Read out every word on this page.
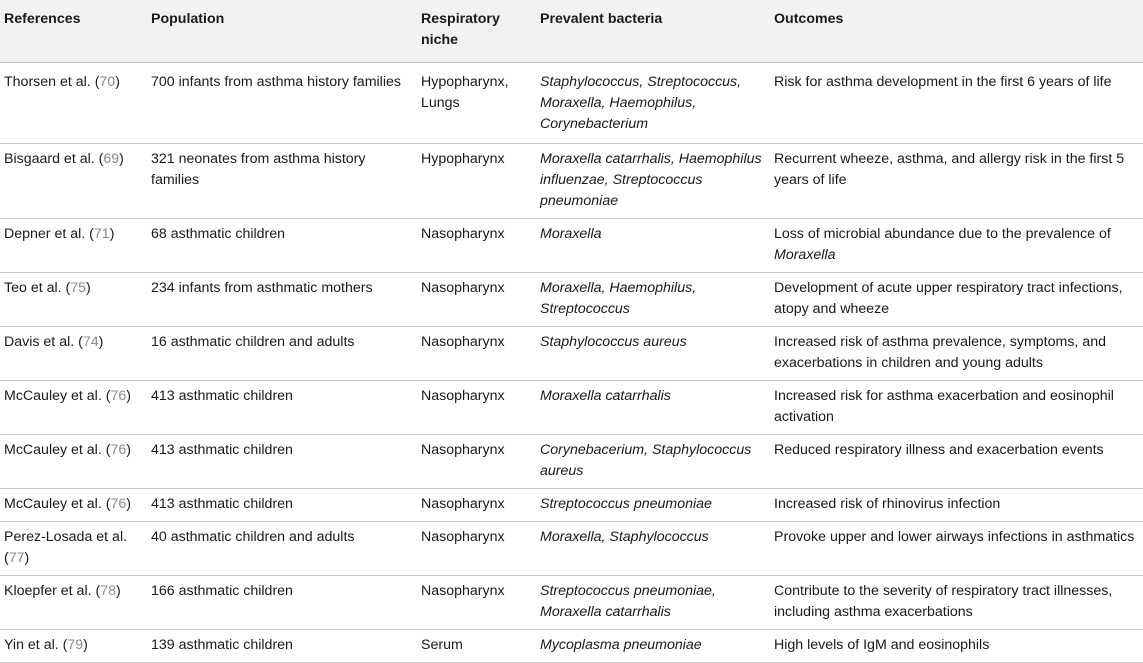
References	Population	Respiratory niche	Prevalent bacteria	Outcomes
Thorsen et al. (70)	700 infants from asthma history families	Hypopharynx, Lungs	Staphylococcus, Streptococcus, Moraxella, Haemophilus, Corynebacterium	Risk for asthma development in the first 6 years of life
Bisgaard et al. (69)	321 neonates from asthma history families	Hypopharynx	Moraxella catarrhalis, Haemophilus influenzae, Streptococcus pneumoniae	Recurrent wheeze, asthma, and allergy risk in the first 5 years of life
Depner et al. (71)	68 asthmatic children	Nasopharynx	Moraxella	Loss of microbial abundance due to the prevalence of Moraxella
Teo et al. (75)	234 infants from asthmatic mothers	Nasopharynx	Moraxella, Haemophilus, Streptococcus	Development of acute upper respiratory tract infections, atopy and wheeze
Davis et al. (74)	16 asthmatic children and adults	Nasopharynx	Staphylococcus aureus	Increased risk of asthma prevalence, symptoms, and exacerbations in children and young adults
McCauley et al. (76)	413 asthmatic children	Nasopharynx	Moraxella catarrhalis	Increased risk for asthma exacerbation and eosinophil activation
McCauley et al. (76)	413 asthmatic children	Nasopharynx	Corynebacerium, Staphylococcus aureus	Reduced respiratory illness and exacerbation events
McCauley et al. (76)	413 asthmatic children	Nasopharynx	Streptococcus pneumoniae	Increased risk of rhinovirus infection
Perez-Losada et al. (77)	40 asthmatic children and adults	Nasopharynx	Moraxella, Staphylococcus	Provoke upper and lower airways infections in asthmatics
Kloepfer et al. (78)	166 asthmatic children	Nasopharynx	Streptococcus pneumoniae, Moraxella catarrhalis	Contribute to the severity of respiratory tract illnesses, including asthma exacerbations
Yin et al. (79)	139 asthmatic children	Serum	Mycoplasma pneumoniae	High levels of IgM and eosinophils
